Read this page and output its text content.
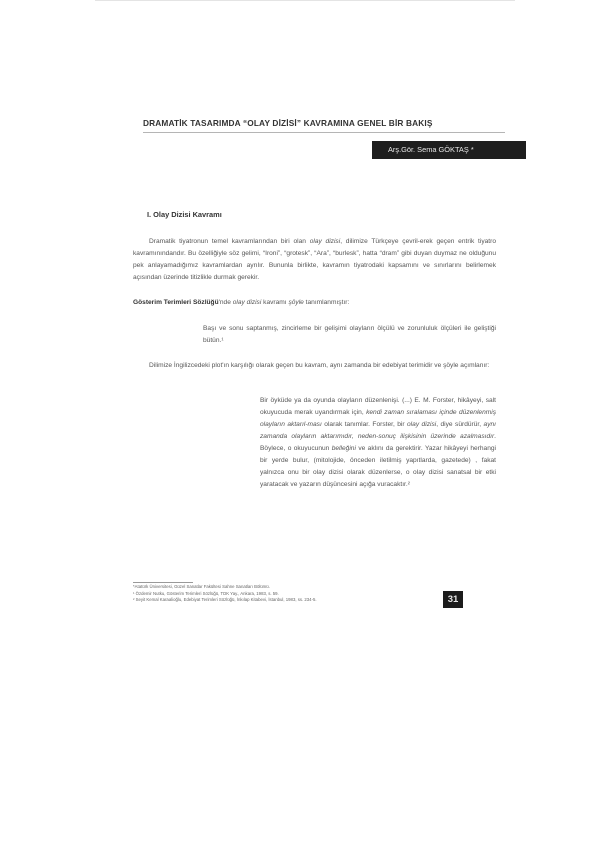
DRAMATİK TASARIMDA “OLAY DİZİSİ” KAVRAMINA GENEL BİR BAKIŞ
Arş.Gör. Sema GÖKTAŞ *
I. Olay Dizisi Kavramı

Dramatik tiyatronun temel kavramlarından biri olan olay dizisi, dilimize Türkçeye çevril-erek geçen entrik tiyatro kavramınındandır. Bu özelliğiyle söz gelimi, “Ironi”, “grotesk”, “Ara”, “burlesk”, hatta “dram” gibi duyan duymaz ne olduğunu pek anlayamadığımız kavramlardan ayrılır. Bununla birlikte, kavramın tiyatrodaki kapsamını ve sınırlarını belirlemek açısından üzerinde titizlikle durmak gerekir.

Gösterim Terimleri Sözlüğü'nde olay dizisi kavramı şöyle tanımlanmıştır:

Başı ve sonu saptanmış, zincirleme bir gelişimi olayların ölçülü ve zorunluluk ölçüleri ile geliştiği bütün.¹

Dilimize İngilizcedeki plot'ın karşılığı olarak geçen bu kavram, aynı zamanda bir edebiyat terimidir ve şöyle açımlanır:

Bir öyküde ya da oyunda olayların düzenlenişi. (...) E. M. Forster, hikâyeyi, salt okuyucuda merak uyandırmak için, kendi zaman sıralaması içinde düzenlenmiş olayların aktarıl-ması olarak tanımlar. Forster, bir olay dizisi, diye sürdürür, aynı zamanda olayların aktarımıdır, neden-sonuç ilişkisinin üzerinde azalmasıdır. Böylece, o okuyucunun belleğini ve aklını da gerektirir. Yazar hikâyeyi herhangi bir yerde bulur, (mitolojide, önceden iletilmiş yapıtlarda, gazetede) , fakat yalnızca onu bir olay dizisi olarak düzenlerse, o olay dizisi sanatsal bir etki yaratacak ve yazarın düşüncesini açığa vuracaktır.²

*Atatürk Üniversitesi, Güzel Sanatlar Fakültesi Sahne Sanatları Bölümü.
¹ Özdemir Nutku, Gösterim Terimleri Sözlüğü, TDK Yay., Ankara, 1983, s. 59.
² Seyit Kemal Karaalioğlu, Edebiyat Terimleri Sözlüğü, İnkılap Kitabevi, İstanbul, 1983, ss. 234-5.	31
